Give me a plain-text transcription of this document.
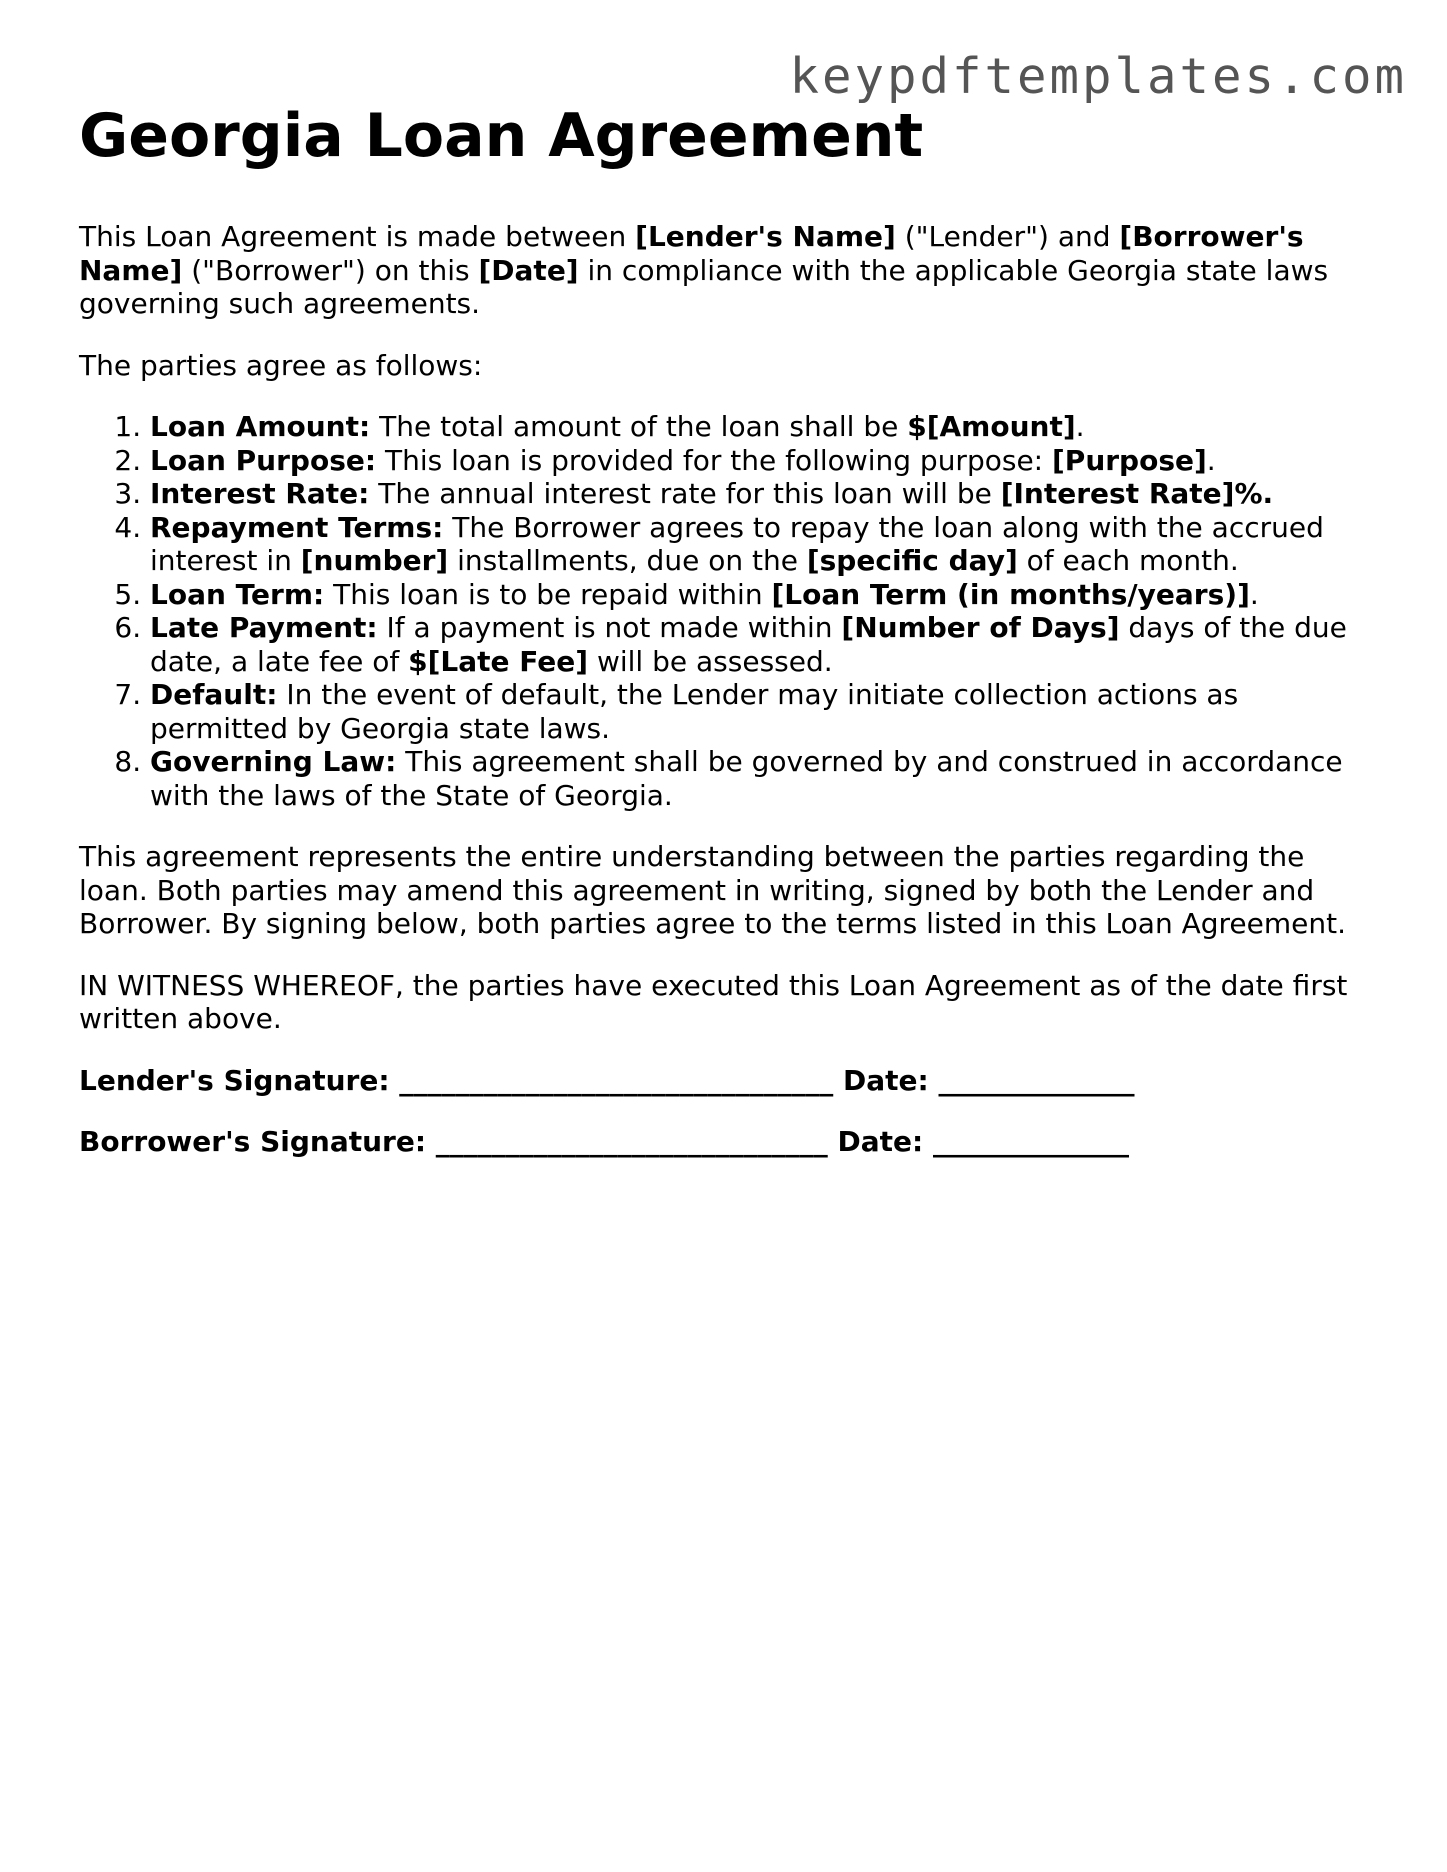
keypdftemplates.com
Georgia Loan Agreement

This Loan Agreement is made between [Lender's Name] ("Lender") and [Borrower's Name] ("Borrower") on this [Date] in compliance with the applicable Georgia state laws governing such agreements.

The parties agree as follows:

1. Loan Amount: The total amount of the loan shall be $[Amount].
2. Loan Purpose: This loan is provided for the following purpose: [Purpose].
3. Interest Rate: The annual interest rate for this loan will be [Interest Rate]%.
4. Repayment Terms: The Borrower agrees to repay the loan along with the accrued interest in [number] installments, due on the [specific day] of each month.
5. Loan Term: This loan is to be repaid within [Loan Term (in months/years)].
6. Late Payment: If a payment is not made within [Number of Days] days of the due date, a late fee of $[Late Fee] will be assessed.
7. Default: In the event of default, the Lender may initiate collection actions as permitted by Georgia state laws.
8. Governing Law: This agreement shall be governed by and construed in accordance with the laws of the State of Georgia.

This agreement represents the entire understanding between the parties regarding the loan. Both parties may amend this agreement in writing, signed by both the Lender and Borrower. By signing below, both parties agree to the terms listed in this Loan Agreement.

IN WITNESS WHEREOF, the parties have executed this Loan Agreement as of the date first written above.

Lender's Signature: _______________________________ Date: ______________

Borrower's Signature: ____________________________ Date: ______________
